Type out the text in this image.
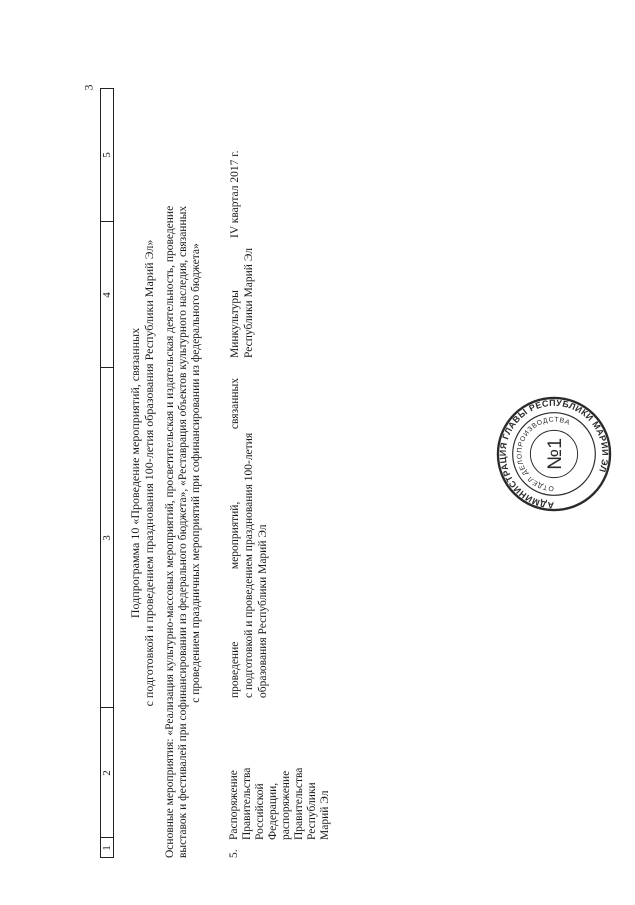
3
1
2
3
4
5
Подпрограмма 10 «Проведение мероприятий, связанных с подготовкой и проведением празднования 100-летия образования Республики Марий Эл» Основные мероприятия: «Реализация культурно-массовых мероприятий, просветительская и издательская деятельность, проведение выставок и фестивалей при софинансировании из федерального бюджета», «Реставрация объектов культурного наследия, связанных с проведением праздничных мероприятий при софинансировании из федерального бюджета»
5.
Распоряжение Правительства Российской Федерации, распоряжение Правительства Республики Марий Эл
проведение
мероприятий,
связанных
с подготовкой и проведением празднования 100-летия образования Республики Марий Эл
Минкультуры Республики Марий Эл
IV квартал 2017 г.
АДМИНИСТРАЦИЯ ГЛАВЫ РЕСПУБЛИКИ МАРИЙ ЭЛ
ОТДЕЛ ДЕЛОПРОИЗВОДСТВА
№1
